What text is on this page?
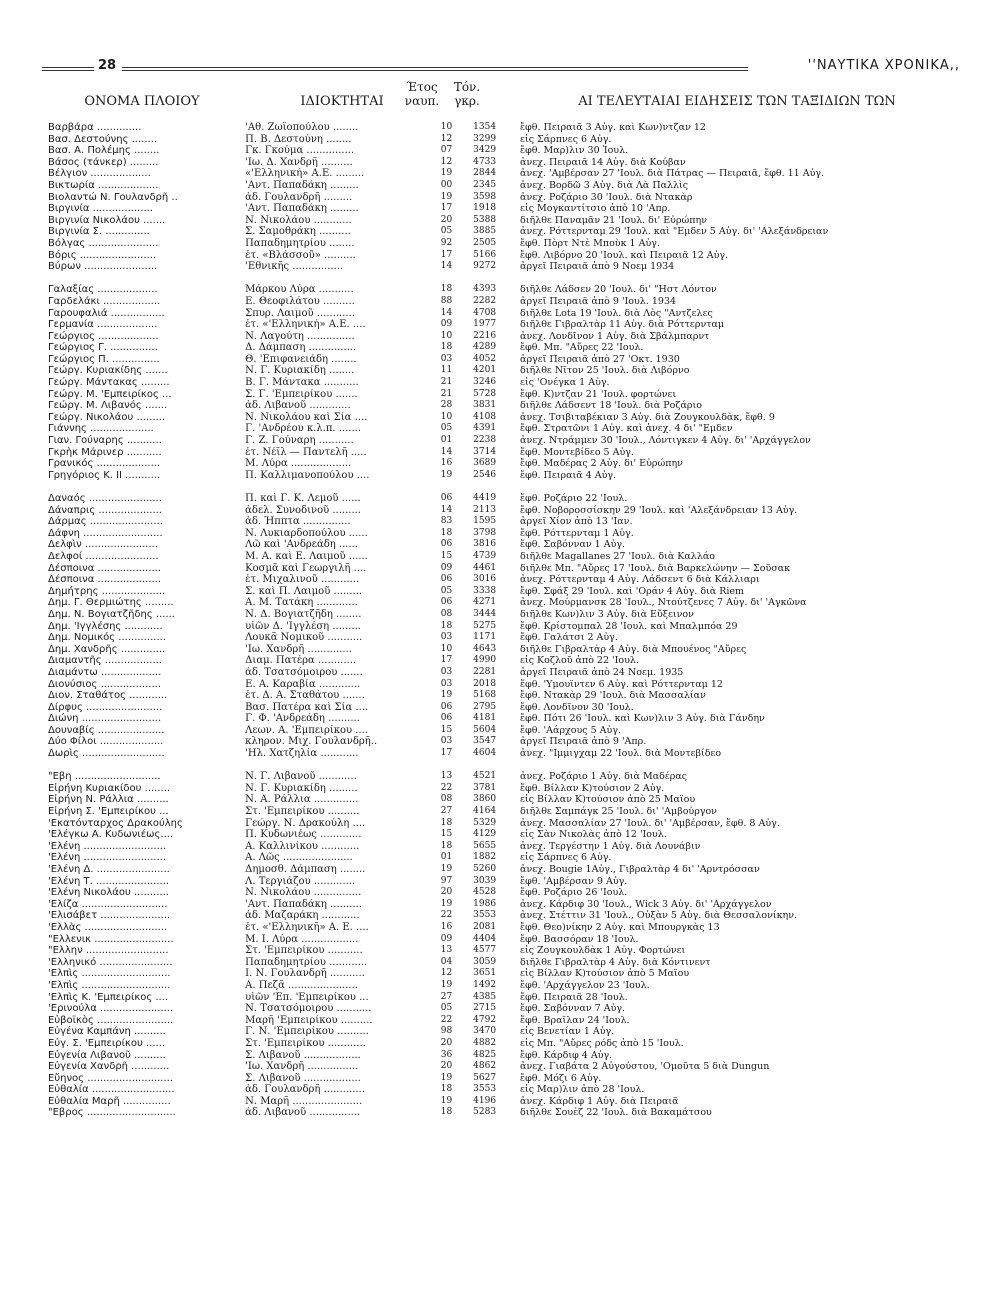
28	''ΝΑΥΤΙΚΑ ΧΡΟΝΙΚΑ,,
ΟΝΟΜΑ ΠΛΟΙΟΥ	ΙΔΙΟΚΤΗΤΑΙ
Έτος
ναυπ.
Τόν.
γκρ.	ΑΙ ΤΕΛΕΥΤΑΙΑΙ ΕΙΔΗΣΕΙΣ ΤΩΝ ΤΑΞΙΔΙΩΝ ΤΩΝ
Βαρβάρα ..............	'Αθ. Ζωϊοπούλου ........	10	1354	ἔφθ. Πειραιᾶ 3 Αὐγ. καὶ Κων)ντζαν 12
Βασ. Δεστούνης ........	Π. Β. Δεστούνη ........	12	3299	εἰς Σάρπνες 6 Αὐγ.
Βασ. Α. Πολέμης ........	Γκ. Γκούμα ...............	07	3429	ἔφθ. Μαρ)λιν 30 Ἰουλ.
Βάσος (τάνκερ) .........	'Ιω. Δ. Χανδρῆ ..........	12	4733	ἀνεχ. Πειραιᾶ 14 Αὐγ. διὰ Κούβαν
Βέλγιον ...................	«'Ελληνική» Α.Ε. .........	19	2844	ἀνεχ. 'Αμβέρσαν 27 'Ιουλ. διὰ Πάτρας — Πειραιᾶ, ἔφθ. 11 Αὐγ.
Βικτωρία ...................	'Αντ. Παπαδάκη .........	00	2345	ἀνεχ. Βορδῶ 3 Αὐγ. διὰ Λὰ Παλλὶς
Βιολαντώ Ν. Γουλανδρῆ ..	ἀδ. Γουλανδρῆ .........	19	3598	ἀνεχ. Ροζάριο 30 'Ιουλ. διὰ Ντακὰρ
Βιργινία ...................	'Αντ. Παπαδάκη .........	17	1918	εἰς Μογκαντίτσιο ἀπὸ 10 'Απρ.
Βιργινία Νικολάου .......	Ν. Νικολάου ............	20	5388	διῆλθε Παναμᾶν 21 'Ιουλ. δι' Εὐρώπην
Βιργινία Σ. ..............	Σ. Σαμοθράκη ..........	05	3885	ἀνεχ. Ρόττερνταμ 29 'Ιουλ. καὶ "Εμδεν 5 Αὐγ. δι' 'Αλεξάνδρειαν
Βόλγας ......................	Παπαδημητρίου ........	92	2505	ἔφθ. Πὸρτ Ντὲ Μποὺκ 1 Αὐγ.
Βόρις ........................	ἐτ. «Βλάσσοῦ» ..........	17	5166	ἔφθ. Λιβόρνο 20 'Ιουλ. καὶ Πειραιᾶ 12 Αὐγ.
Βύρων .......................	'Εθνικῆς ................	14	9272	ἀργεῖ Πειραιᾶ ἀπὸ 9 Νοεμ 1934
Γαλαξίας ...................	Μάρκου Λύρα ...........	18	4393	διῆλθε Λάδσεν 20 'Ιουλ. δι' "Ηστ Λόντον
Γαρδελάκι ..................	Ε. Θεοφιλάτου ..........	88	2282	ἀργεῖ Πειραιᾶ ἀπὸ 9 'Ιουλ. 1934
Γαρουφαλιά .................	Σπυρ. Λαιμοῦ ............	14	4708	διῆλθε Lota 19 'Ιουλ. διὰ Λὸς "Αντζελες
Γερμανία ...................	ἐτ. «'Ελληνική» Α.Ε. ....	09	1977	διῆλθε Γιβραλτὰρ 11 Αὐγ. διὰ Ρόττερνταμ
Γεώργιος ...................	Ν. Λαγούτη ...............	10	2216	ἀνεχ. Λονδῖνον 1 Αὐγ. διὰ Σβάλμπαρντ
Γεώργιος Γ. ...............	Δ. Δάμπαση ...............	18	4289	ἔφθ. Μπ. "Αὔρες 22 'Ιουλ.
Γεώργιος Π. ...............	Θ. 'Επιφανειάδη ........	03	4052	ἀργεῖ Πειραιᾶ ἀπὸ 27 'Οκτ. 1930
Γεώργ. Κυριακίδης .......	Ν. Γ. Κυριακίδη ........	11	4201	διῆλθε Νῖτον 25 'Ιουλ. διὰ Λιβόρνο
Γεώργ. Μάντακας .........	Β. Γ. Μάντακα ...........	21	3246	εἰς 'Ονέγκα 1 Αὐγ.
Γεώργ. Μ. 'Εμπειρίκος ...	Σ. Γ. 'Εμπειρίκου .......	21	5728	ἔφθ. Κ)ντζαν 21 'Ιουλ. φορτώνει
Γεώργ. Μ. Λιβανός .......	ἀδ. Λιβανοῦ .............	28	3831	διῆλθε Λάδσεντ 18 'Ιουλ. διὰ Ροζάριο
Γεώργ. Νικολάου .........	Ν. Νικολάου καὶ Σία ....	10	4108	ἀνεχ. Τσιβιταβέκιαν 3 Αὐγ. διὰ Ζουγκουλδὰκ, ἔφθ. 9
Γιάννης ....................	Γ. 'Ανδρέου κ.λ.π. .......	05	4391	ἔφθ. Στρατῶνι 1 Αὐγ. καὶ ἀνεχ. 4 δι' "Εμδεν
Γιαν. Γούναρης ...........	Γ. Ζ. Γούναρη ...........	01	2238	ἀνεχ. Ντράμμεν 30 'Ιουλ., Λόντιγκεν 4 Αὐγ. δι' 'Αρχάγγελον
Γκρὴκ Μάρινερ ...........	ἐτ. Νέϊλ — Παντελῆ .....	14	3714	ἔφθ. Μοντεβίδεο 5 Αὐγ.
Γρανικός ....................	Μ. Λύρα ...................	16	3689	ἔφθ. Μαδέρας 2 Αὐγ. δι' Εὐρώπην
Γρηγόριος Κ. ΙΙ ...........	Π. Καλλιμανοπούλου ....	19	2546	ἔφθ. Πειραιᾶ 4 Αὐγ.
Δαναός .......................	Π. καὶ Γ. Κ. Λεμοῦ ......	06	4419	ἔφθ. Ροζάριο 22 'Ιουλ.
Δάναπρις ....................	ἀδελ. Συνοδινοῦ .........	14	2113	ἔφθ. Νοβοροσσίσκην 29 'Ιουλ. καὶ 'Αλεξάνδρειαν 13 Αὐγ.
Δάρμας .......................	ἀδ. Ἠππτα ...............	83	1595	ἀργεῖ Χίον ἀπὸ 13 'Ιαν.
Δάφνη .........................	Ν. Λυκιαρδοπούλου ......	18	3798	ἔφθ. Ρόττερνταμ 1 Αὐγ.
Δελφὶν .......................	Λῶ καὶ 'Ανδρεάδη ......	06	3816	ἔφθ. Σαβόνναν 1 Αὐγ.
Δελφοί .......................	Μ. Α. καὶ Ε. Λαιμοῦ ......	15	4739	διῆλθε Magallanes 27 'Ιουλ. διὰ Καλλάο
Δέσποινα ....................	Κοσμᾶ καὶ Γεωργιλῆ ....	09	4461	διῆλθε Μπ. "Αὔρες 17 'Ιουλ. διὰ Βαρκελώνην — Σοῦσακ
Δέσποινα ....................	ἐτ. Μιχαλινοῦ ............	06	3016	ἀνεχ. Ρόττερνταμ 4 Αὐγ. Λάδσεντ 6 διὰ Κάλλιαρι
Δημήτρης ....................	Σ. καὶ Π. Λαιμοῦ .........	05	3338	ἔφθ. Σφάξ 29 'Ιουλ. καὶ 'Οράν 4 Αὐγ. διὰ Riem
Δημ. Γ. Θερμιώτης .........	Α. Μ. Τατάκη .............	06	4271	ἀνεχ. Μούρμανσκ 28 'Ιουλ., Ντούτζενες 7 Αὐγ. δι' 'Αγκῶνα
Δημ. Ν. Βογιατζῆδης ......	Ν. Δ. Βογιατζῆδη ........	08	3444	διῆλθε Κων)λιν 3 Αὐγ. διὰ Εὔξεινον
Δημ. 'Ιγγλέσης ............	υἱῶν Δ. 'Ιγγλέση .........	18	5275	ἔφθ. Κρίστομπαλ 28 'Ιουλ. καὶ Μπαλμπόα 29
Δημ. Νομικός ...............	Λουκᾶ Νομικοῦ ...........	03	1171	ἔφθ. Γαλάτσι 2 Αὐγ.
Δημ. Χανδρῆς ..............	'Ιω. Χανδρῆ ..............	10	4643	διῆλθε Γιβραλτὰρ 4 Αὐγ. διὰ Μπουένος "Αὔρες
Διαμαντῆς ..................	Διαμ. Πατέρα ............	17	4990	εἰς Κοζλοῦ ἀπὸ 22 'Ιουλ.
Διαμάντω ...................	ἀδ. Τσατσόμοιρου .......	03	2281	ἀργεῖ Πειραιᾶ ἀπὸ 24 Νοεμ. 1935
Διονύσιος ...................	Ε. Α. Καραβία .............	03	2018	ἔφθ. 'Υμουϊντεν 6 Αὐγ. καὶ Ρόττερνταμ 12
Διον. Σταθάτος ............	ἐτ. Δ. Α. Σταθάτου .......	19	5168	ἔφθ. Ντακὰρ 29 'Ιουλ. διὰ Μασσαλίαν
Δίρφυς ........................	Βασ. Πατέρα καὶ Σία ....	06	2795	ἔφθ. Λονδῖνον 30 'Ιουλ.
Διώνη .........................	Γ. Φ. 'Ανδρεάδη ..........	06	4181	ἔφθ. Πότι 26 'Ιουλ. καὶ Κων)λιν 3 Αὐγ. διὰ Γάνδην
Δουναβίς .....................	Λεων. Α. 'Εμπειρίκου ....	15	5604	ἔφθ. 'Αάρχους 5 Αὐγ.
Δύο Φίλοι ....................	κληρον. Μιχ. Γουλανδρῆ..	03	3547	ἀργεῖ Πειραιᾶ ἀπὸ 9 'Απρ.
Δωρὶς ..........................	'Ηλ. Χατζηλία ............	17	4604	ἀνεχ. "Ιμμιγχαμ 22 'Ιουλ. διὰ Μοντεβίδεο
"Εβη ...........................	Ν. Γ. Λιβανοῦ ............	13	4521	ἀνεχ. Ροζάριο 1 Αὐγ. διὰ Μαδέρας
Εἰρήνη Κυριακίδου ........	Ν. Γ. Κυριακίδη .........	22	3781	ἔφθ. Βίλλαν Κ)τούσιον 2 Αὐγ.
Εἰρήνη Ν. Ράλλια ..........	Ν. Α. Ράλλια ..............	08	3860	εἰς Βίλλαν Κ)τούσιον ἀπὸ 25 Μαΐου
Εἰρήνη Σ. 'Εμπειρίκου ...	Στ. 'Εμπειρίκου ..........	27	4164	διῆλθε Σαμπάγκ 25 'Ιουλ. δι' 'Αμβούργον
'Εκατόνταρχος Δρακούλης	Γεώργ. Ν. Δρακούλη ....	18	5329	ἀνεχ. Μασσαλίαν 27 'Ιουλ. δι' 'Αμβέρσαν, ἔφθ. 8 Αὐγ.
'Ελέγκω Α. Κυδωνιέως....	Π. Κυδωνιέως .............	15	4129	εἰς Σὰν Νικολὰς ἀπὸ 12 'Ιουλ.
'Ελένη ..........................	Α. Καλλινίκου ............	18	5655	ἀνεχ. Τεργέστην 1 Αὐγ. διὰ Λουνάβιν
'Ελένη ..........................	Α. Λῶς ......................	01	1882	εἰς Σάρπνες 6 Αὐγ.
'Ελένη Δ. .......................	Δημοσθ. Δάμπαση ........	19	5260	ἀνεχ. Bougie 1Αὐγ., Γιβραλτὰρ 4 δι' 'Αρντρόσσαν
'Ελένη Τ. .......................	Λ. Τεργιάζου .............	97	3039	ἔφθ. 'Αμβέρσαν 9 Αὐγ.
'Ελένη Νικολάου ...........	Ν. Νικολάου ...............	20	4528	ἔφθ. Ροζάριο 26 'Ιουλ.
'Ελίζα ...........................	'Αντ. Παπαδάκη ..........	19	1986	ἀνεχ. Κάρδιφ 30 'Ιουλ., Wick 3 Αὐγ. δι' 'Αρχάγγελον
'Ελισάβετ ......................	ἀδ. Μαζαράκη ............	22	3553	ἀνεχ. Στέττιν 31 'Ιουλ., Οὐξὰν 5 Αὐγ. διὰ Θεσσαλονίκην.
'Ελλὰς ..........................	ἐτ. «'Ελληνικῆ» Α. Ε. ....	16	2081	ἔφθ. Θεο)νίκην 2 Αὐγ. καὶ Μπουργκὰς 13
"Ελλενικ .........................	Μ. Ι. Λύρα ..................	09	4404	ἔφθ. Βασσόραν 18 'Ιουλ.
"Ελλην ..........................	Στ. 'Εμπειρίκου ...........	13	4577	εἰς Ζουγκουλδὰκ 1 Αὐγ. Φορτώνει
'Ελληνικό .......................	Παπαδημητρίου ............	04	3059	διῆλθε Γιβραλτὰρ 4 Αὐγ. διὰ Κόντινεντ
'Ελπὶς ............................	Ι. Ν. Γουλανδρῆ ...........	12	3651	εἰς Βίλλαν Κ)τούσιον ἀπὸ 5 Μαΐου
'Ελπὶς ............................	Α. Πεζᾶ ......................	19	1492	ἔφθ. 'Αρχάγγελον 23 'Ιουλ.
'Ελπὶς Κ. 'Εμπειρίκος ....	υἱῶν 'Επ. 'Εμπειρίκου ...	27	4385	ἔφθ. Πειραιᾶ 28 'Ιουλ.
'Ερινούλα .......................	Ν. Τσατσόμοιρου ...........	05	2715	ἔφθ. Σαβόνναν 7 Αὐγ.
Εὐβοϊκὸς ........................	Μαρῆ 'Εμπειρίκου ..........	22	4792	ἔφθ. Βραΐλαν 24 'Ιουλ.
Εὐγένα Καμπάνη ..........	Γ. Ν. 'Εμπειρίκου ..........	98	3470	εἰς Βενετίαν 1 Αὐγ.
Εὐγ. Σ. 'Εμπειρίκου ......	Στ. 'Εμπειρίκου ............	20	4882	εἰς Μπ. "Αὔρες ρόδς ἀπὸ 15 'Ιουλ.
Εὐγενία Λιβανοῦ ..........	Σ. Λιβανοῦ ..................	36	4825	ἔφθ. Κάρδιφ 4 Αὐγ.
Εὐγενία Χανδρῆ ............	'Ιω. Χανδρῆ ................	20	4862	ἀνεχ. Γιαβάτα 2 Αὐγούστου, 'Ομοῦτα 5 διὰ Dungun
Εὔηνος ...........................	Σ. Λιβανοῦ ..................	19	5627	ἔφθ. Μόζι 6 Αὐγ.
Εὐθαλία ..........................	ἀδ. Γουλανδρῆ .............	18	3553	εἰς Μαρ)λιν ἀπὸ 28 'Ιουλ.
Εὐθαλία Μαρῆ ...............	Ν. Μαρῆ ......................	19	4196	ἀνεχ. Κάρδιφ 1 Αὐγ. διὰ Πειραιᾶ
"Εβρος ............................	ἀδ. Λιβανοῦ ................	18	5283	διῆλθε Σουὲζ 22 'Ιουλ. διὰ Βακαμάτσου
